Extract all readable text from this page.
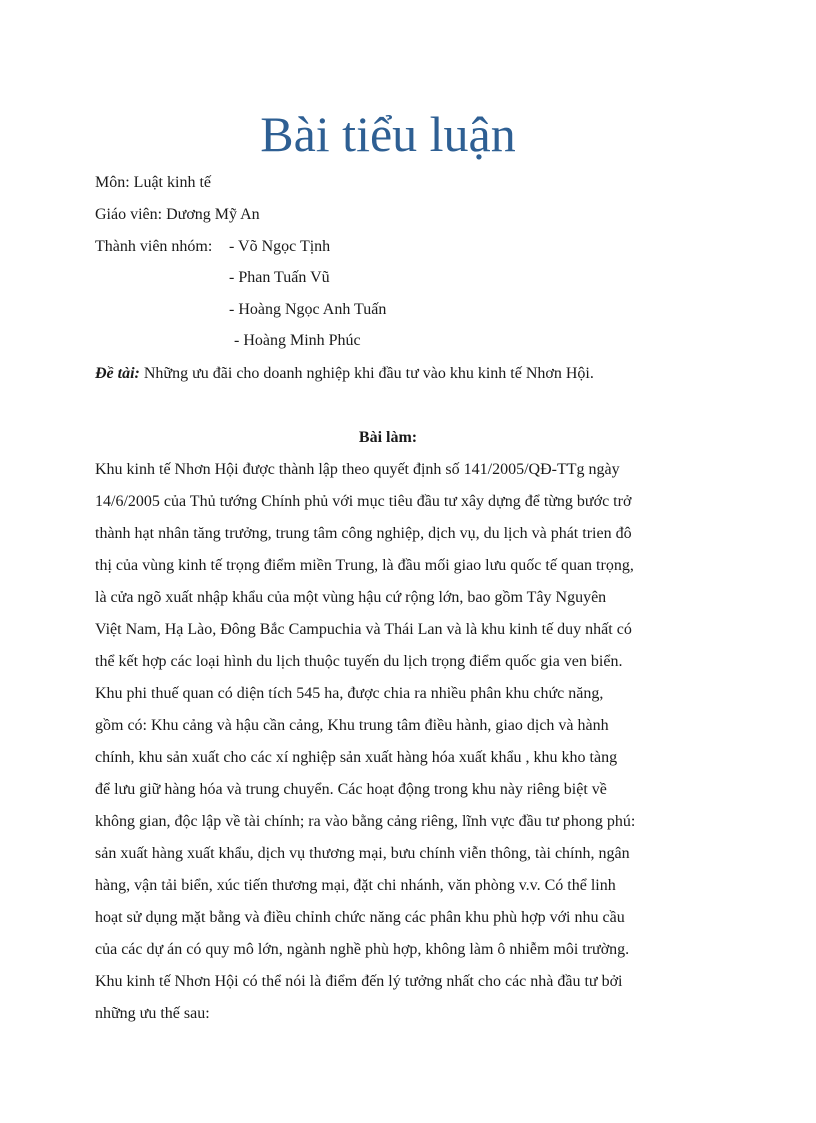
Bài tiểu luận
Môn: Luật kinh tế
Giáo viên: Dương Mỹ An
Thành viên nhóm: - Võ Ngọc Tịnh
- Phan Tuấn Vũ
- Hoàng Ngọc Anh Tuấn
- Hoàng Minh Phúc
Đề tài: Những ưu đãi cho doanh nghiệp khi đầu tư vào khu kinh tế Nhơn Hội.
Bài làm:
Khu kinh tế Nhơn Hội được thành lập theo quyết định số 141/2005/QĐ-TTg ngày
14/6/2005 của Thủ tướng Chính phủ với mục tiêu đầu tư xây dựng để từng bước trở
thành hạt nhân tăng trưởng, trung tâm công nghiệp, dịch vụ, du lịch và phát trien đô
thị của vùng kinh tế trọng điểm miền Trung, là đầu mối giao lưu quốc tế quan trọng,
là cửa ngõ xuất nhập khẩu của một vùng hậu cứ rộng lớn, bao gồm Tây Nguyên
Việt Nam, Hạ Lào, Đông Bắc Campuchia và Thái Lan và là khu kinh tế duy nhất có
thể kết hợp các loại hình du lịch thuộc tuyến du lịch trọng điểm quốc gia ven biển.
Khu phi thuế quan có diện tích 545 ha, được chia ra nhiều phân khu chức năng,
gồm có: Khu cảng và hậu cần cảng, Khu trung tâm điều hành, giao dịch và hành
chính, khu sản xuất cho các xí nghiệp sản xuất hàng hóa xuất khẩu , khu kho tàng
để lưu giữ hàng hóa và trung chuyển. Các hoạt động trong khu này riêng biệt về
không gian, độc lập về tài chính; ra vào bằng cảng riêng, lĩnh vực đầu tư phong phú:
sản xuất hàng xuất khẩu, dịch vụ thương mại, bưu chính viễn thông, tài chính, ngân
hàng, vận tải biển, xúc tiến thương mại, đặt chi nhánh, văn phòng v.v. Có thể linh
hoạt sử dụng mặt bằng và điều chỉnh chức năng các phân khu phù hợp với nhu cầu
của các dự án có quy mô lớn, ngành nghề phù hợp, không làm ô nhiễm môi trường.
Khu kinh tế Nhơn Hội có thể nói là điểm đến lý tưởng nhất cho các nhà đầu tư bởi
những ưu thế sau:
